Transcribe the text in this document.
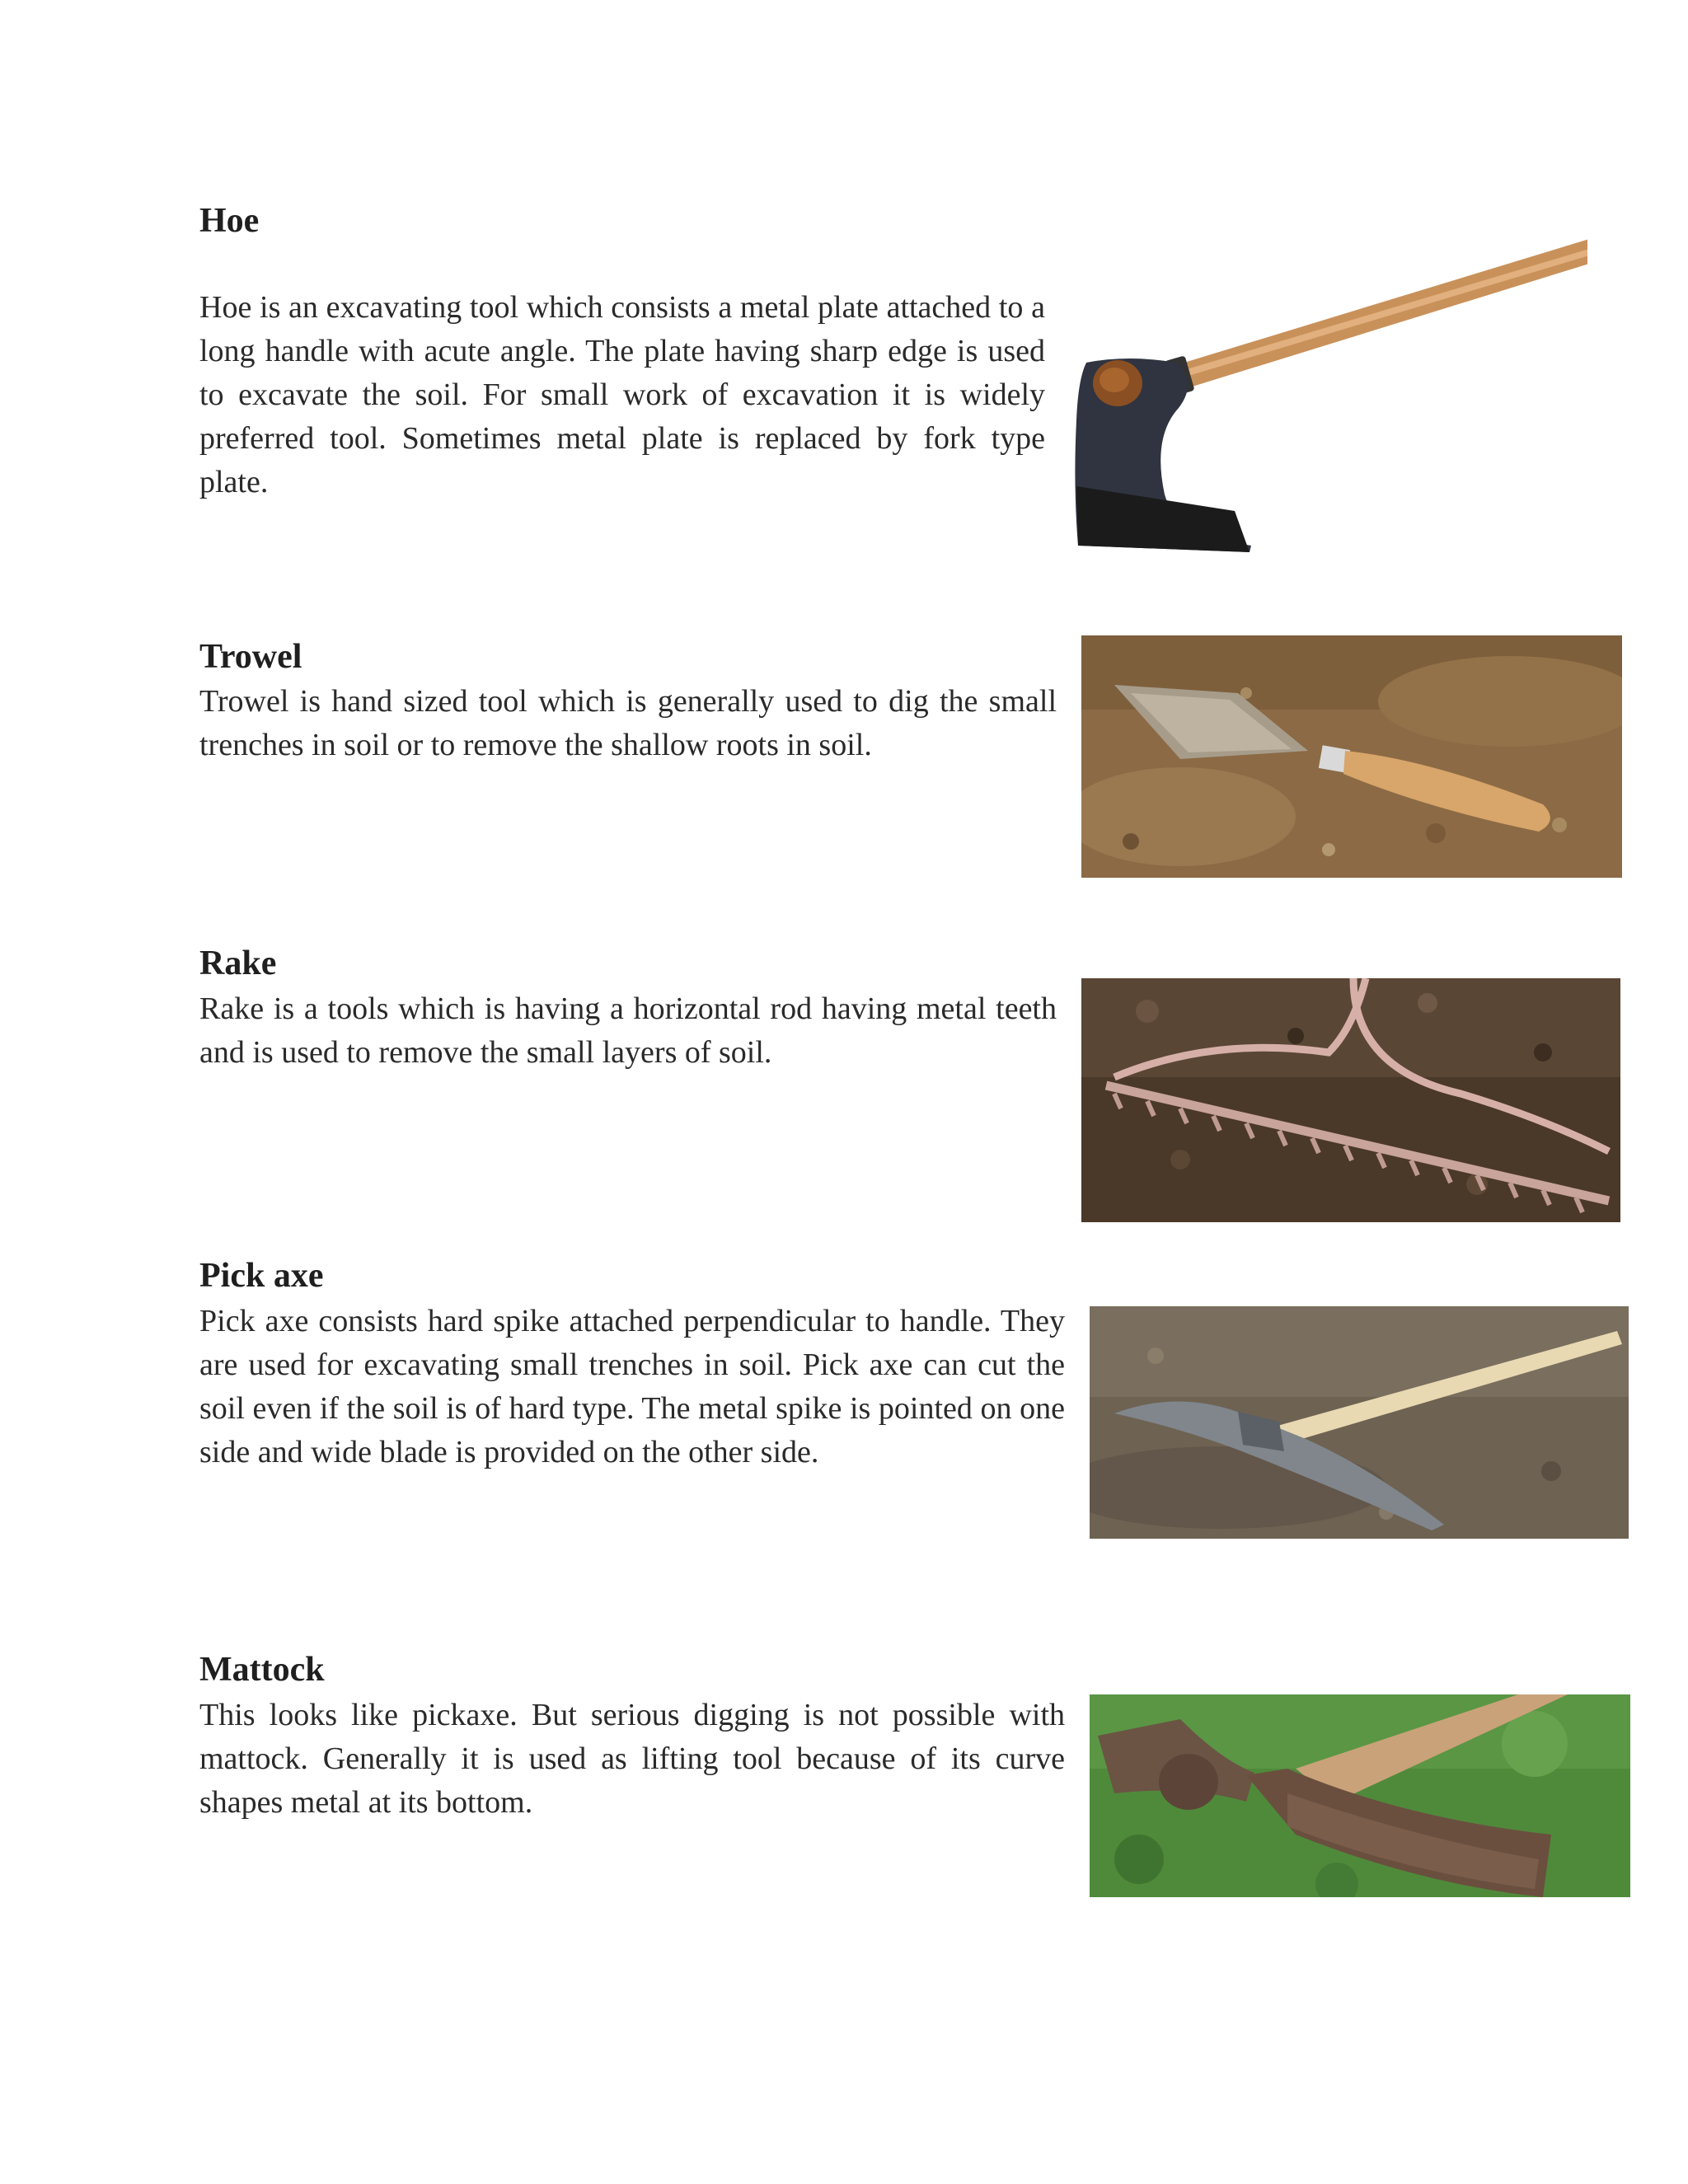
Hoe

Hoe is an excavating tool which consists a metal plate attached to a long handle with acute angle. The plate having sharp edge is used to excavate the soil. For small work of excavation it is widely preferred tool. Sometimes metal plate is replaced by fork type plate.

Trowel

Trowel is hand sized tool which is generally used to dig the small trenches in soil or to remove the shallow roots in soil.

Rake

Rake is a tools which is having a horizontal rod having metal teeth and is used to remove the small layers of soil.

Pick axe

Pick axe consists hard spike attached perpendicular to handle. They are used for excavating small trenches in soil. Pick axe can cut the soil even if the soil is of hard type. The metal spike is pointed on one side and wide blade is provided on the other side.

Mattock

This looks like pickaxe. But serious digging is not possible with mattock. Generally it is used as lifting tool because of its curve shapes metal at its bottom.
